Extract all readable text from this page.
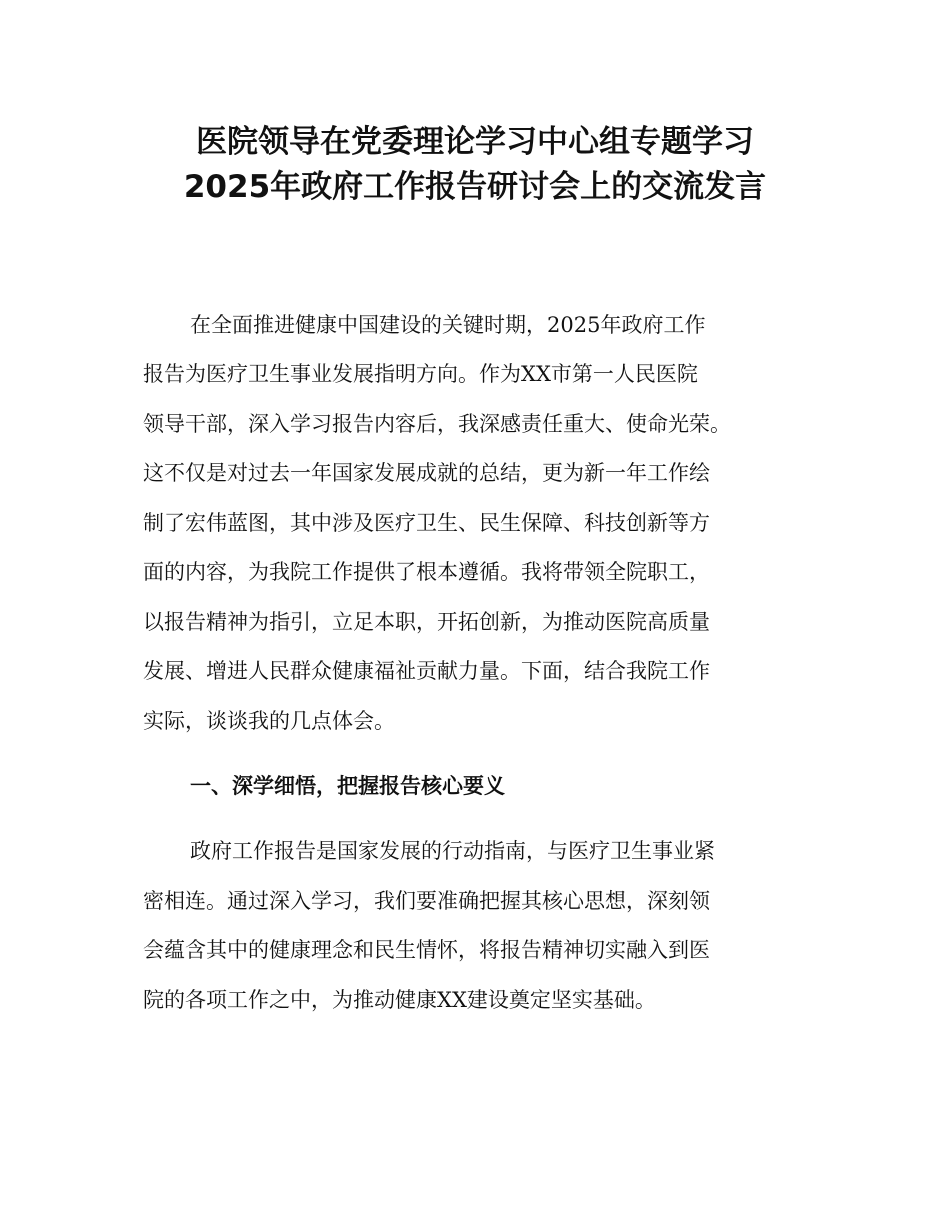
医院领导在党委理论学习中心组专题学习
2025年政府工作报告研讨会上的交流发言

在全面推进健康中国建设的关键时期，2025年政府工作

报告为医疗卫生事业发展指明方向。作为XX市第一人民医院

领导干部，深入学习报告内容后，我深感责任重大、使命光荣。

这不仅是对过去一年国家发展成就的总结，更为新一年工作绘

制了宏伟蓝图，其中涉及医疗卫生、民生保障、科技创新等方

面的内容，为我院工作提供了根本遵循。我将带领全院职工，

以报告精神为指引，立足本职，开拓创新，为推动医院高质量

发展、增进人民群众健康福祉贡献力量。下面，结合我院工作

实际，谈谈我的几点体会。

一、深学细悟，把握报告核心要义

政府工作报告是国家发展的行动指南，与医疗卫生事业紧

密相连。通过深入学习，我们要准确把握其核心思想，深刻领

会蕴含其中的健康理念和民生情怀，将报告精神切实融入到医

院的各项工作之中，为推动健康XX建设奠定坚实基础。
